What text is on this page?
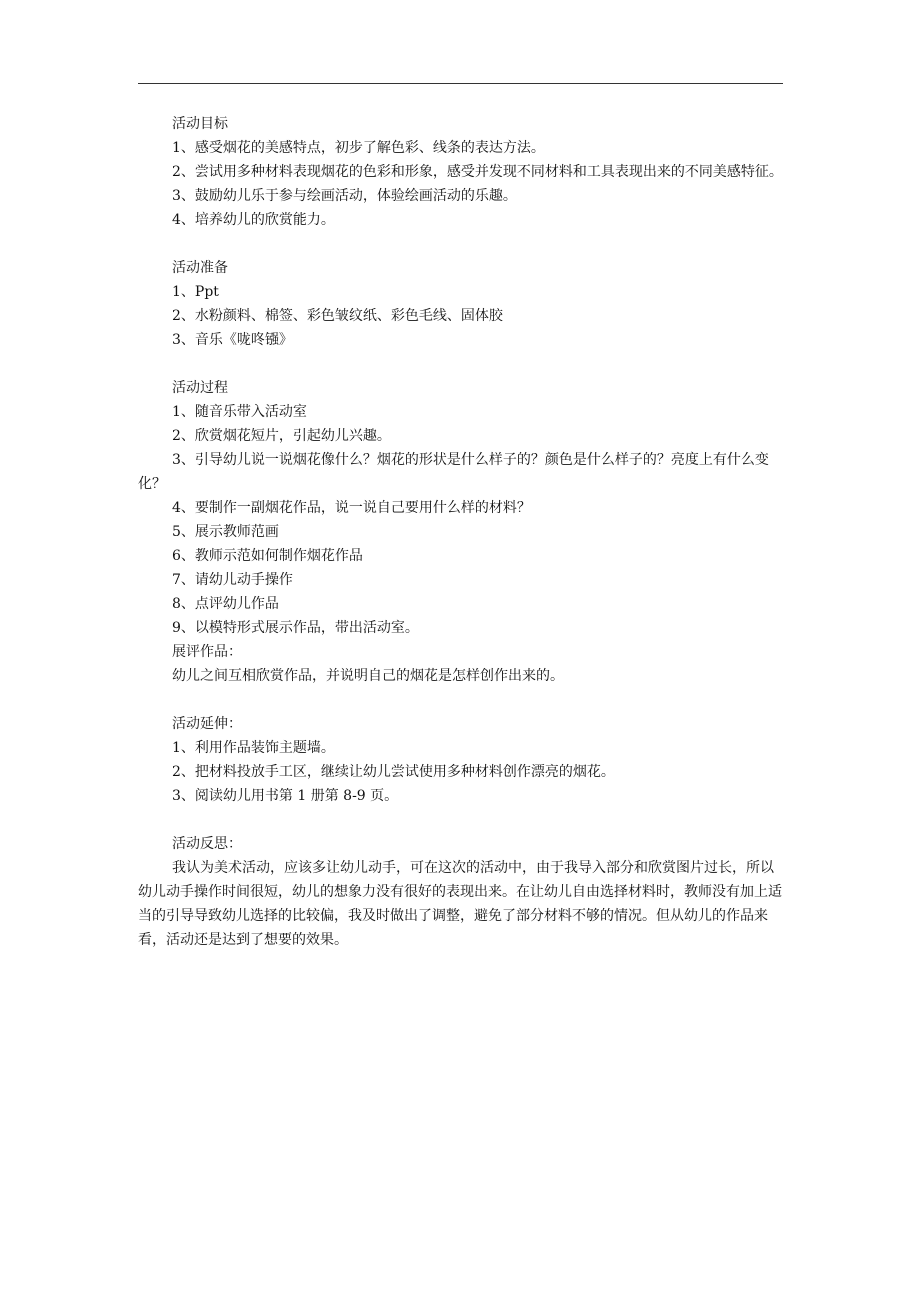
活动目标

1、感受烟花的美感特点，初步了解色彩、线条的表达方法。

2、尝试用多种材料表现烟花的色彩和形象，感受并发现不同材料和工具表现出来的不同美感特征。

3、鼓励幼儿乐于参与绘画活动，体验绘画活动的乐趣。

4、培养幼儿的欣赏能力。

活动准备

1、Ppt

2、水粉颜料、棉签、彩色皱纹纸、彩色毛线、固体胶

3、音乐《咙咚镪》

活动过程

1、随音乐带入活动室

2、欣赏烟花短片，引起幼儿兴趣。

3、引导幼儿说一说烟花像什么？烟花的形状是什么样子的？颜色是什么样子的？亮度上有什么变化？

4、要制作一副烟花作品，说一说自己要用什么样的材料？

5、展示教师范画

6、教师示范如何制作烟花作品

7、请幼儿动手操作

8、点评幼儿作品

9、以模特形式展示作品，带出活动室。

展评作品：

幼儿之间互相欣赏作品，并说明自己的烟花是怎样创作出来的。

活动延伸：

1、利用作品装饰主题墙。

2、把材料投放手工区，继续让幼儿尝试使用多种材料创作漂亮的烟花。

3、阅读幼儿用书第 1 册第 8-9 页。

活动反思：

我认为美术活动，应该多让幼儿动手，可在这次的活动中，由于我导入部分和欣赏图片过长，所以幼儿动手操作时间很短，幼儿的想象力没有很好的表现出来。在让幼儿自由选择材料时，教师没有加上适当的引导导致幼儿选择的比较偏，我及时做出了调整，避免了部分材料不够的情况。但从幼儿的作品来看，活动还是达到了想要的效果。
